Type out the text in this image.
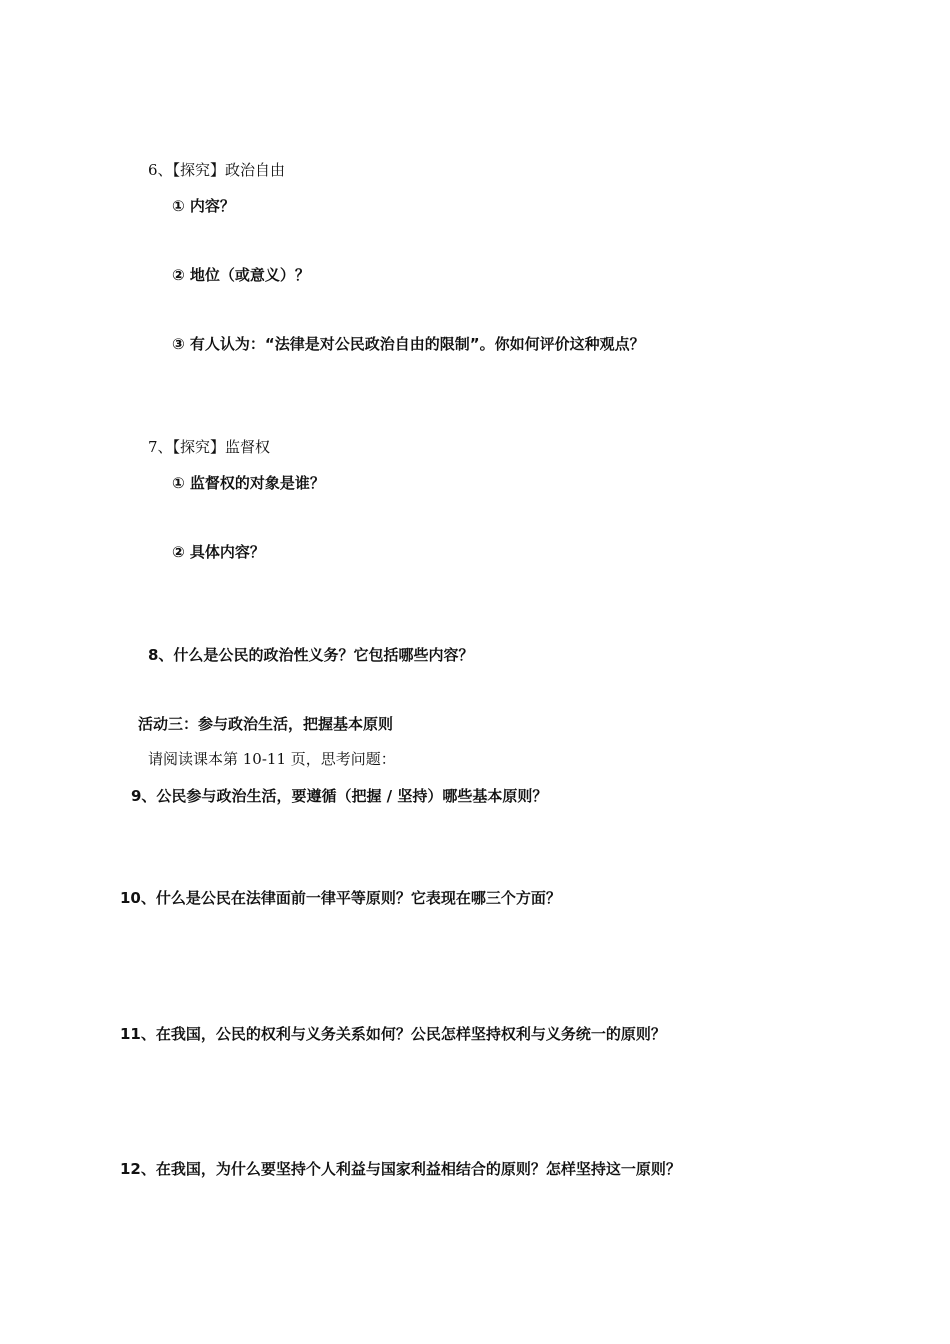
6、【探究】政治自由
① 内容？
② 地位（或意义）？
③ 有人认为：“法律是对公民政治自由的限制”。你如何评价这种观点？
7、【探究】监督权
① 监督权的对象是谁？
② 具体内容？
8、什么是公民的政治性义务？它包括哪些内容？
活动三：参与政治生活，把握基本原则
请阅读课本第 10-11 页，思考问题：
9、公民参与政治生活，要遵循（把握 / 坚持）哪些基本原则？
10、什么是公民在法律面前一律平等原则？它表现在哪三个方面？
11、在我国，公民的权利与义务关系如何？公民怎样坚持权利与义务统一的原则？
12、在我国，为什么要坚持个人利益与国家利益相结合的原则？怎样坚持这一原则？
